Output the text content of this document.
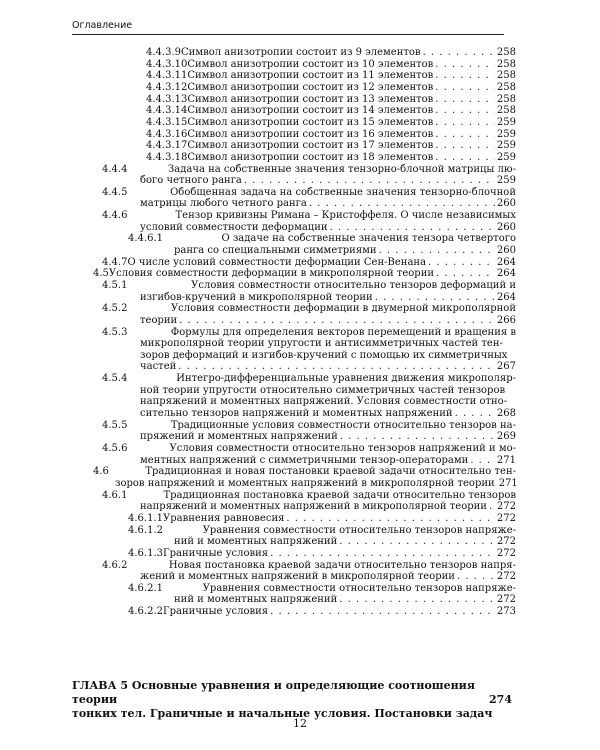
Оглавление
4.4.3.9 Символ анизотропии состоит из 9 элементов . . .	258
4.4.3.10 Символ анизотропии состоит из 10 элементов . . .	258
4.4.3.11 Символ анизотропии состоит из 11 элементов . . .	258
4.4.3.12 Символ анизотропии состоит из 12 элементов . . .	258
4.4.3.13 Символ анизотропии состоит из 13 элементов . . .	258
4.4.3.14 Символ анизотропии состоит из 14 элементов . . .	258
4.4.3.15 Символ анизотропии состоит из 15 элементов . . .	259
4.4.3.16 Символ анизотропии состоит из 16 элементов . . .	259
4.4.3.17 Символ анизотропии состоит из 17 элементов . . .	259
4.4.3.18 Символ анизотропии состоит из 18 элементов . . .	259
4.4.4	Задача на собственные значения тензорно-блочной матрицы лю-
бого четного ранга . . .	259
4.4.5	Обобщенная задача на собственные значения тензорно-блочной
матрицы любого четного ранга . . .	260
4.4.6	Тензор кривизны Римана – Кристоффеля. О числе независимых
условий совместности деформации . . .	260
4.4.6.1	О задаче на собственные значения тензора четвертого
ранга со специальными симметриями . . .	260
4.4.7 О числе условий совместности деформации Сен-Венана . . .	264
4.5 Условия совместности деформации в микрополярной теории . . .	264
4.5.1	Условия совместности относительно тензоров деформаций и
изгибов-кручений в микрополярной теории . . .	264
4.5.2	Условия совместности деформации в двумерной микрополярной
теории . . .	266
4.5.3	Формулы для определения векторов перемещений и вращения в
микрополярной теории упругости и антисимметричных частей тен-
зоров деформаций и изгибов-кручений с помощью их симметричных
частей . . .	267
4.5.4	Интегро-дифференциальные уравнения движения микрополяр-
ной теории упругости относительно симметричных частей тензоров
напряжений и моментных напряжений. Условия совместности отно-
сительно тензоров напряжений и моментных напряжений . . .	268
4.5.5	Традиционные условия совместности относительно тензоров на-
пряжений и моментных напряжений . . .	269
4.5.6	Условия совместности относительно тензоров напряжений и мо-
ментных напряжений с симметричными тензор-операторами . . .	271
4.6	Традиционная и новая постановки краевой задачи относительно тен-
зоров напряжений и моментных напряжений в микрополярной теории 271
4.6.1	Традиционная постановка краевой задачи относительно тензоров
напряжений и моментных напряжений в микрополярной теории . . . 272
4.6.1.1 Уравнения равновесия . . .	272
4.6.1.2	Уравнения совместности относительно тензоров напряже-
ний и моментных напряжений . . .	272
4.6.1.3 Граничные условия . . .	272
4.6.2	Новая постановка краевой задачи относительно тензоров напря-
жений и моментных напряжений в микрополярной теории . . .	272
4.6.2.1	Уравнения совместности относительно тензоров напряже-
ний и моментных напряжений . . .	272
4.6.2.2 Граничные условия . . .	273
ГЛАВА 5 Основные уравнения и определяющие соотношения теории
тонких тел. Граничные и начальные условия. Постановки задач
274
12
